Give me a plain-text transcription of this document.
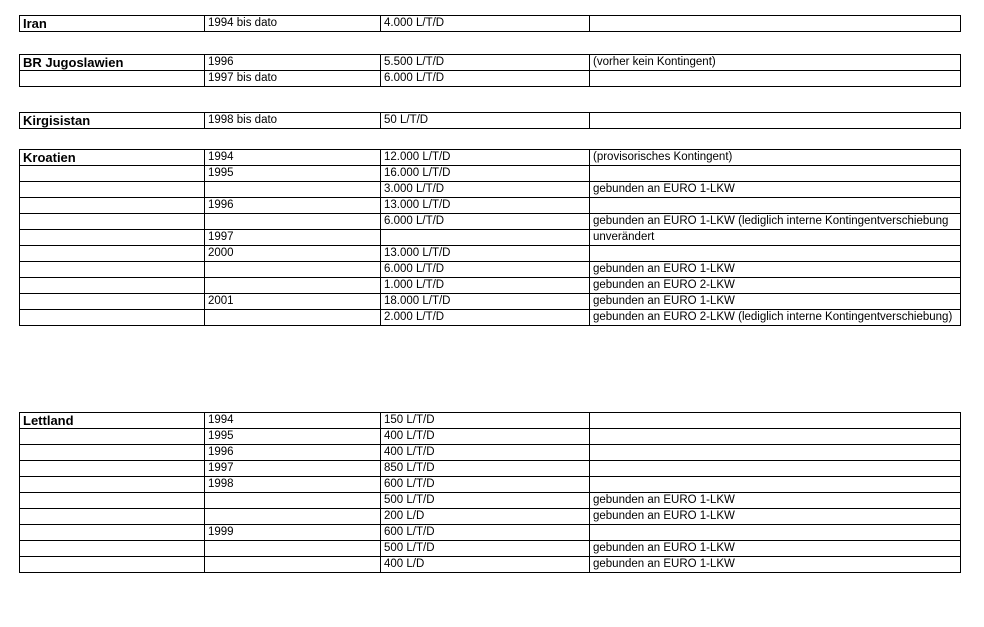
Iran	1994 bis dato	4.000 L/T/D	
BR Jugoslawien	1996	5.500 L/T/D	(vorher kein Kontingent)
	1997 bis dato	6.000 L/T/D	
Kirgisistan	1998 bis dato	50 L/T/D	
Kroatien	1994	12.000 L/T/D	(provisorisches Kontingent)
	1995	16.000 L/T/D	
		3.000 L/T/D	gebunden an EURO 1-LKW
	1996	13.000 L/T/D	
		6.000 L/T/D	gebunden an EURO 1-LKW (lediglich interne Kontingentverschiebung
	1997		unverändert
	2000	13.000 L/T/D	
		6.000 L/T/D	gebunden an EURO 1-LKW
		1.000 L/T/D	gebunden an EURO 2-LKW
	2001	18.000 L/T/D	gebunden an EURO 1-LKW
		2.000 L/T/D	gebunden an EURO 2-LKW (lediglich interne Kontingentverschiebung)
Lettland	1994	150 L/T/D	
	1995	400 L/T/D	
	1996	400 L/T/D	
	1997	850 L/T/D	
	1998	600 L/T/D	
		500 L/T/D	gebunden an EURO 1-LKW
		200 L/D	gebunden an EURO 1-LKW
	1999	600 L/T/D	
		500 L/T/D	gebunden an EURO 1-LKW
		400 L/D	gebunden an EURO 1-LKW
